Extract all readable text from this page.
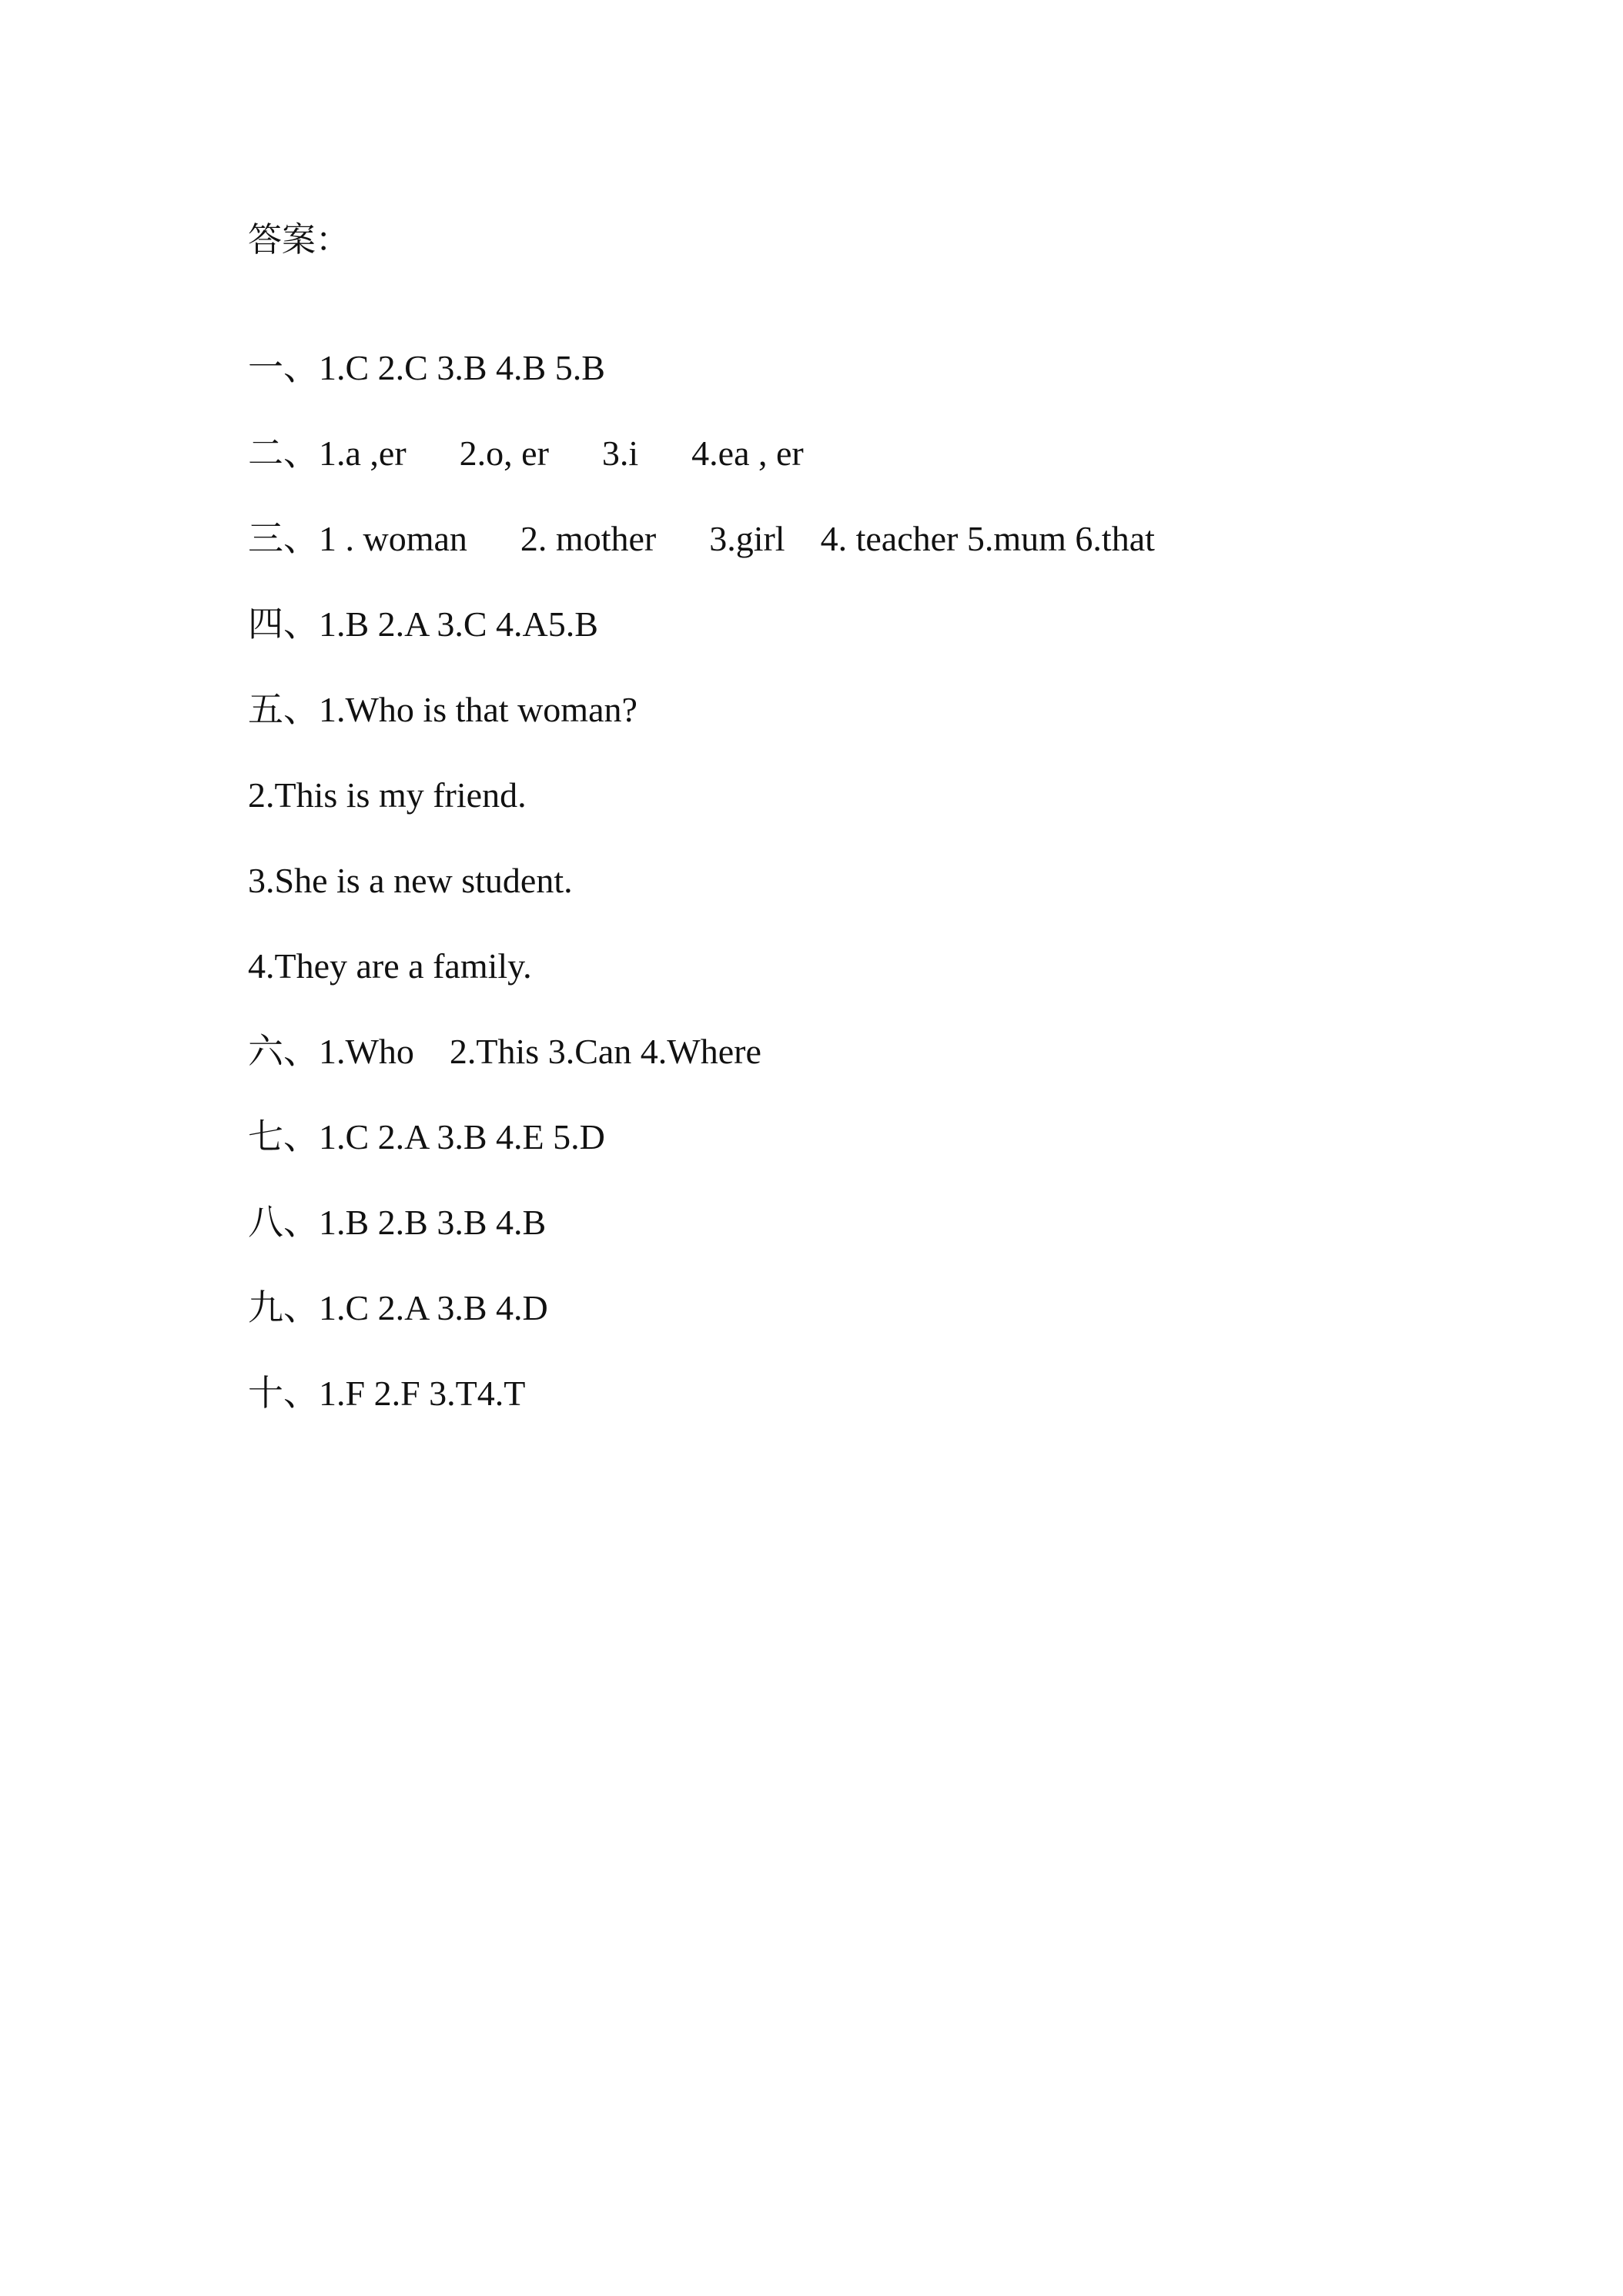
答案：
一、1.C 2.C 3.B 4.B 5.B
二、1.a ,er      2.o, er      3.i      4.ea , er
三、1 . woman      2. mother      3.girl    4. teacher 5.mum 6.that
四、1.B 2.A 3.C 4.A5.B
五、1.Who is that woman?
2.This is my friend.
3.She is a new student.
4.They are a family.
六、1.Who    2.This 3.Can 4.Where
七、1.C 2.A 3.B 4.E 5.D
八、1.B 2.B 3.B 4.B
九、1.C 2.A 3.B 4.D
十、1.F 2.F 3.T4.T
